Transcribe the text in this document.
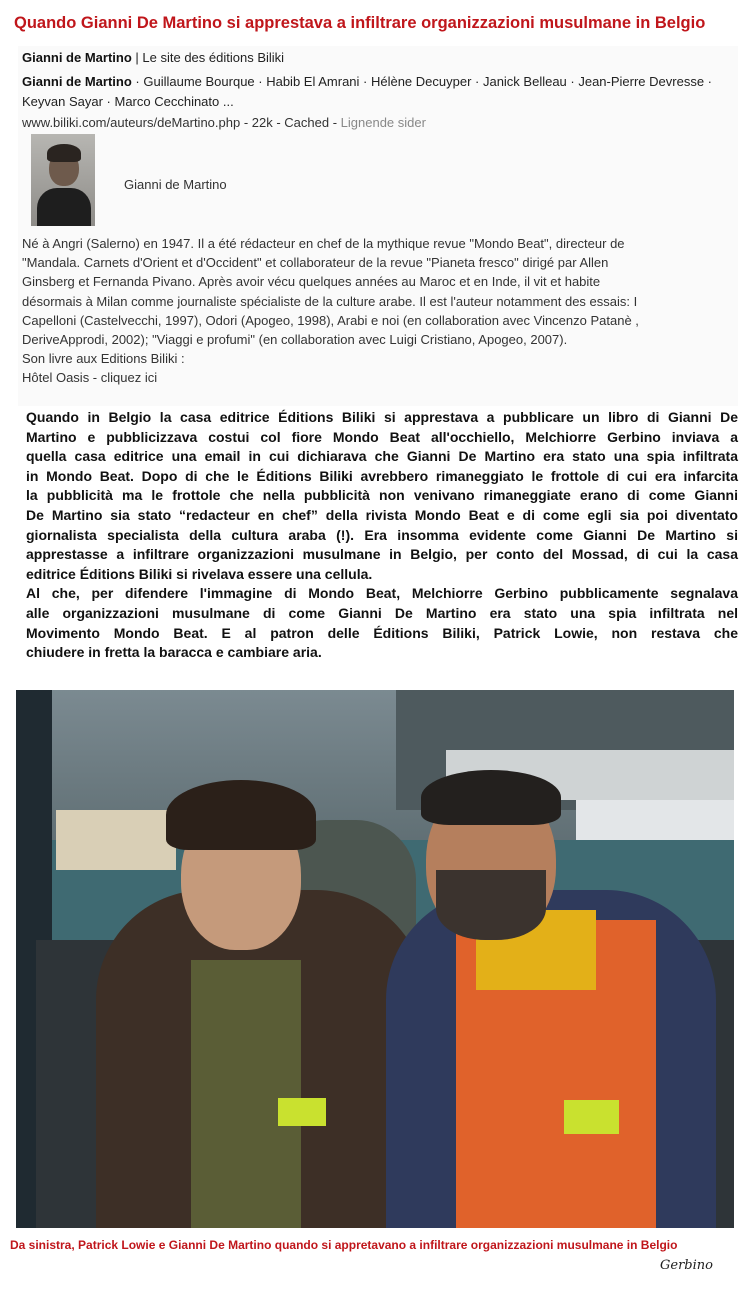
Quando Gianni De Martino si apprestava a infiltrare organizzazioni musulmane in Belgio
Gianni de Martino | Le site des éditions Biliki
Gianni de Martino · Guillaume Bourque · Habib El Amrani · Hélène Decuyper · Janick Belleau · Jean-Pierre Devresse · Keyvan Sayar · Marco Cecchinato ...
www.biliki.com/auteurs/deMartino.php - 22k - Cached - Lignende sider
Gianni de Martino
Né à Angri (Salerno) en 1947. Il a été rédacteur en chef de la mythique revue "Mondo Beat", directeur de
"Mandala. Carnets d'Orient et d'Occident" et collaborateur de la revue "Pianeta fresco" dirigé par Allen
Ginsberg et Fernanda Pivano. Après avoir vécu quelques années au Maroc et en Inde, il vit et habite
désormais à Milan comme journaliste spécialiste de la culture arabe. Il est l'auteur notamment des essais: I
Capelloni (Castelvecchi, 1997), Odori (Apogeo, 1998), Arabi e noi (en collaboration avec Vincenzo Patanè ,
DeriveApprodi, 2002); "Viaggi e profumi" (en collaboration avec Luigi Cristiano, Apogeo, 2007).
Son livre aux Editions Biliki :
Hôtel Oasis - cliquez ici
Quando in Belgio la casa editrice Éditions Biliki si apprestava a pubblicare un libro di Gianni De
Martino e pubblicizzava costui col fiore Mondo Beat all'occhiello, Melchiorre Gerbino inviava a
quella casa editrice una email in cui dichiarava che Gianni De Martino era stato una spia infiltrata
in Mondo Beat. Dopo di che le Éditions Biliki avrebbero rimaneggiato le frottole di cui era infarcita
la pubblicità ma le frottole che nella pubblicità non venivano rimaneggiate erano di come Gianni
De Martino sia stato “redacteur en chef” della rivista Mondo Beat e di come egli sia poi diventato
giornalista specialista della cultura araba (!). Era insomma evidente come Gianni De Martino si
apprestasse a infiltrare organizzazioni musulmane in Belgio, per conto del Mossad, di cui la casa
editrice Éditions Biliki si rivelava essere una cellula.
Al che, per difendere l'immagine di Mondo Beat, Melchiorre Gerbino pubblicamente segnalava
alle organizzazioni musulmane di come Gianni De Martino era stato una spia infiltrata nel
Movimento Mondo Beat. E al patron delle Éditions Biliki, Patrick Lowie, non restava che
chiudere in fretta la baracca e cambiare aria.
Da sinistra, Patrick Lowie e Gianni De Martino quando si appretavano a infiltrare organizzazioni musulmane in Belgio
Gerbino
